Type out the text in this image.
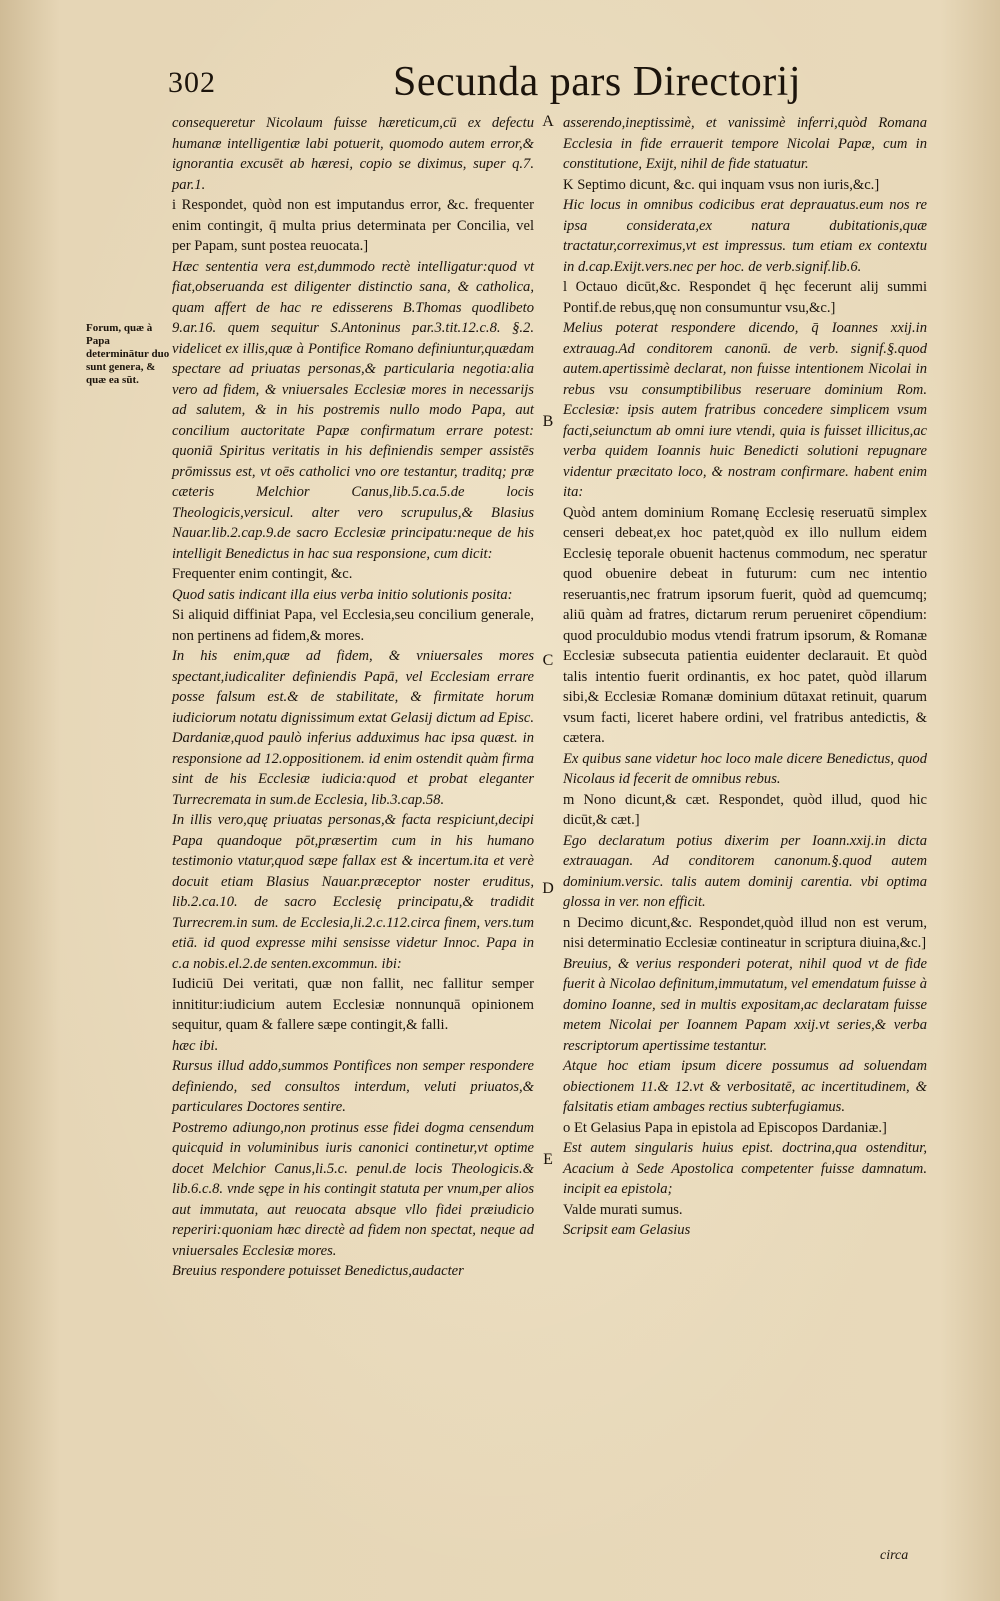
302	Secunda pars Directorij
Forum, quæ à Papa determinātur duo sunt genera, & quæ ea sūt.
A
B
C
D
E

consequeretur Nicolaum fuisse hæreticum,cū ex defectu humanæ intelligentiæ labi potuerit, quomodo autem error,& ignorantia excusēt ab hæresi, copio se diximus, super q.7. par.1.

i Respondet, quòd non est imputandus error, &c. frequenter enim contingit, q̄ multa prius determinata per Concilia, vel per Papam, sunt postea reuocata.]

Hæc sententia vera est,dummodo rectè intelligatur:quod vt fiat,obseruanda est diligenter distinctio sana, & catholica, quam affert de hac re edisserens B.Thomas quodlibeto 9.ar.16. quem sequitur S.Antoninus par.3.tit.12.c.8. §.2. videlicet ex illis,quæ à Pontifice Romano definiuntur,quædam spectare ad priuatas personas,& particularia negotia:alia vero ad fidem, & vniuersales Ecclesiæ mores in necessarijs ad salutem, & in his postremis nullo modo Papa, aut concilium auctoritate Papæ confirmatum errare potest: quoniā Spiritus veritatis in his definiendis semper assistēs prōmissus est, vt oēs catholici vno ore testantur, traditq; præ cæteris Melchior Canus,lib.5.ca.5.de locis Theologicis,versicul. alter vero scrupulus,& Blasius Nauar.lib.2.cap.9.de sacro Ecclesiæ principatu:neque de his intelligit Benedictus in hac sua responsione, cum dicit:

Frequenter enim contingit, &c.

Quod satis indicant illa eius verba initio solutionis posita:

Si aliquid diffiniat Papa, vel Ecclesia,seu concilium generale, non pertinens ad fidem,& mores.

In his enim,quæ ad fidem, & vniuersales mores spectant,iudicaliter definiendis Papā, vel Ecclesiam errare posse falsum est.& de stabilitate, & firmitate horum iudiciorum notatu dignissimum extat Gelasij dictum ad Episc. Dardaniæ,quod paulò inferius adduximus hac ipsa quæst. in responsione ad 12.oppositionem. id enim ostendit quàm firma sint de his Ecclesiæ iudicia:quod et probat eleganter Turrecremata in sum.de Ecclesia, lib.3.cap.58.

In illis vero,quę priuatas personas,& facta respiciunt,decipi Papa quandoque pōt,præsertim cum in his humano testimonio vtatur,quod sæpe fallax est & incertum.ita et verè docuit etiam Blasius Nauar.præceptor noster eruditus, lib.2.ca.10. de sacro Ecclesię principatu,& tradidit Turrecrem.in sum. de Ecclesia,li.2.c.112.circa finem, vers.tum etiā. id quod expresse mihi sensisse videtur Innoc. Papa in c.a nobis.el.2.de senten.excommun. ibi:

Iudiciū Dei veritati, quæ non fallit, nec fallitur semper innititur:iudicium autem Ecclesiæ nonnunquā opinionem sequitur, quam & fallere sæpe contingit,& falli.

hæc ibi.

Rursus illud addo,summos Pontifices non semper respondere definiendo, sed consultos interdum, veluti priuatos,& particulares Doctores sentire.

Postremo adiungo,non protinus esse fidei dogma censendum quicquid in voluminibus iuris canonici continetur,vt optime docet Melchior Canus,li.5.c. penul.de locis Theologicis.& lib.6.c.8. vnde sępe in his contingit statuta per vnum,per alios aut immutata, aut reuocata absque vllo fidei præiudicio reperiri:quoniam hæc directè ad fidem non spectat, neque ad vniuersales Ecclesiæ mores.

Breuius respondere potuisset Benedictus,audacter

asserendo,ineptissimè, et vanissimè inferri,quòd Romana Ecclesia in fide errauerit tempore Nicolai Papæ, cum in constitutione, Exijt, nihil de fide statuatur.

K Septimo dicunt, &c. qui inquam vsus non iuris,&c.]

Hic locus in omnibus codicibus erat deprauatus.eum nos re ipsa considerata,ex natura dubitationis,quæ tractatur,correximus,vt est impressus. tum etiam ex contextu in d.cap.Exijt.vers.nec per hoc. de verb.signif.lib.6.

l Octauo dicūt,&c. Respondet q̄ hęc fecerunt alij summi Pontif.de rebus,quę non consumuntur vsu,&c.]

Melius poterat respondere dicendo, q̄ Ioannes xxij.in extrauag.Ad conditorem canonū. de verb. signif.§.quod autem.apertissimè declarat, non fuisse intentionem Nicolai in rebus vsu consumptibilibus reseruare dominium Rom. Ecclesiæ: ipsis autem fratribus concedere simplicem vsum facti,seiunctum ab omni iure vtendi, quia is fuisset illicitus,ac verba quidem Ioannis huic Benedicti solutioni repugnare videntur præcitato loco, & nostram confirmare. habent enim ita:

Quòd antem dominium Romanę Ecclesię reseruatū simplex censeri debeat,ex hoc patet,quòd ex illo nullum eidem Ecclesię teporale obuenit hactenus commodum, nec speratur quod obuenire debeat in futurum: cum nec intentio reseruantis,nec fratrum ipsorum fuerit, quòd ad quemcumq; aliū quàm ad fratres, dictarum rerum perueniret cōpendium: quod proculdubio modus vtendi fratrum ipsorum, & Romanæ Ecclesiæ subsecuta patientia euidenter declarauit. Et quòd talis intentio fuerit ordinantis, ex hoc patet, quòd illarum sibi,& Ecclesiæ Romanæ dominium dūtaxat retinuit, quarum vsum facti, liceret habere ordini, vel fratribus antedictis, & cætera.

Ex quibus sane videtur hoc loco male dicere Benedictus, quod Nicolaus id fecerit de omnibus rebus.

m Nono dicunt,& cæt. Respondet, quòd illud, quod hic dicūt,& cæt.]

Ego declaratum potius dixerim per Ioann.xxij.in dicta extrauagan. Ad conditorem canonum.§.quod autem dominium.versic. talis autem dominij carentia. vbi optima glossa in ver. non efficit.

n Decimo dicunt,&c. Respondet,quòd illud non est verum, nisi determinatio Ecclesiæ contineatur in scriptura diuina,&c.]

Breuius, & verius responderi poterat, nihil quod vt de fide fuerit à Nicolao definitum,immutatum, vel emendatum fuisse à domino Ioanne, sed in multis expositam,ac declaratam fuisse metem Nicolai per Ioannem Papam xxij.vt series,& verba rescriptorum apertissime testantur.

Atque hoc etiam ipsum dicere possumus ad soluendam obiectionem 11.& 12.vt & verbositatē, ac incertitudinem, & falsitatis etiam ambages rectius subterfugiamus.

o Et Gelasius Papa in epistola ad Episcopos Dardaniæ.]

Est autem singularis huius epist. doctrina,qua ostenditur, Acacium à Sede Apostolica competenter fuisse damnatum. incipit ea epistola;

Valde murati sumus.

Scripsit eam Gelasius

circa
